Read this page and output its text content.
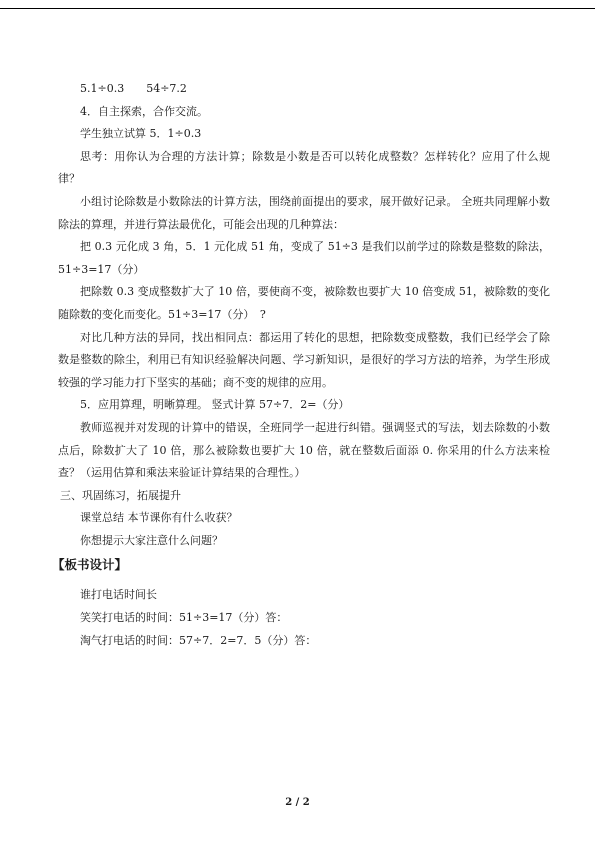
5.1÷0.3　　54÷7.2

4．自主探索，合作交流。

学生独立试算 5．1÷0.3

思考：用你认为合理的方法计算；除数是小数是否可以转化成整数？怎样转化？应用了什么规律？

小组讨论除数是小数除法的计算方法，围绕前面提出的要求，展开做好记录。 全班共同理解小数除法的算理，并进行算法最优化，可能会出现的几种算法：

把 0.3 元化成 3 角，5．1 元化成 51 角，变成了 51÷3 是我们以前学过的除数是整数的除法，51÷3=17（分）

把除数 0.3 变成整数扩大了 10 倍，要使商不变，被除数也要扩大 10 倍变成 51，被除数的变化随除数的变化而变化。51÷3=17（分）　?

对比几种方法的异同，找出相同点：都运用了转化的思想，把除数变成整数，我们已经学会了除数是整数的除尘，利用已有知识经验解决问题、学习新知识，是很好的学习方法的培养，为学生形成较强的学习能力打下坚实的基础；商不变的规律的应用。

5．应用算理，明晰算理。 竖式计算 57÷7．2=（分）

教师巡视并对发现的计算中的错误，全班同学一起进行纠错。强调竖式的写法，划去除数的小数点后，除数扩大了 10 倍，那么被除数也要扩大 10 倍，就在整数后面添 0. 你采用的什么方法来检查？（运用估算和乘法来验证计算结果的合理性。）

三、巩固练习，拓展提升

课堂总结 本节课你有什么收获？

你想提示大家注意什么问题？

【板书设计】

谁打电话时间长

笑笑打电话的时间：51÷3=17（分）答：

淘气打电话的时间：57÷7．2=7．5（分）答：

2 / 2
